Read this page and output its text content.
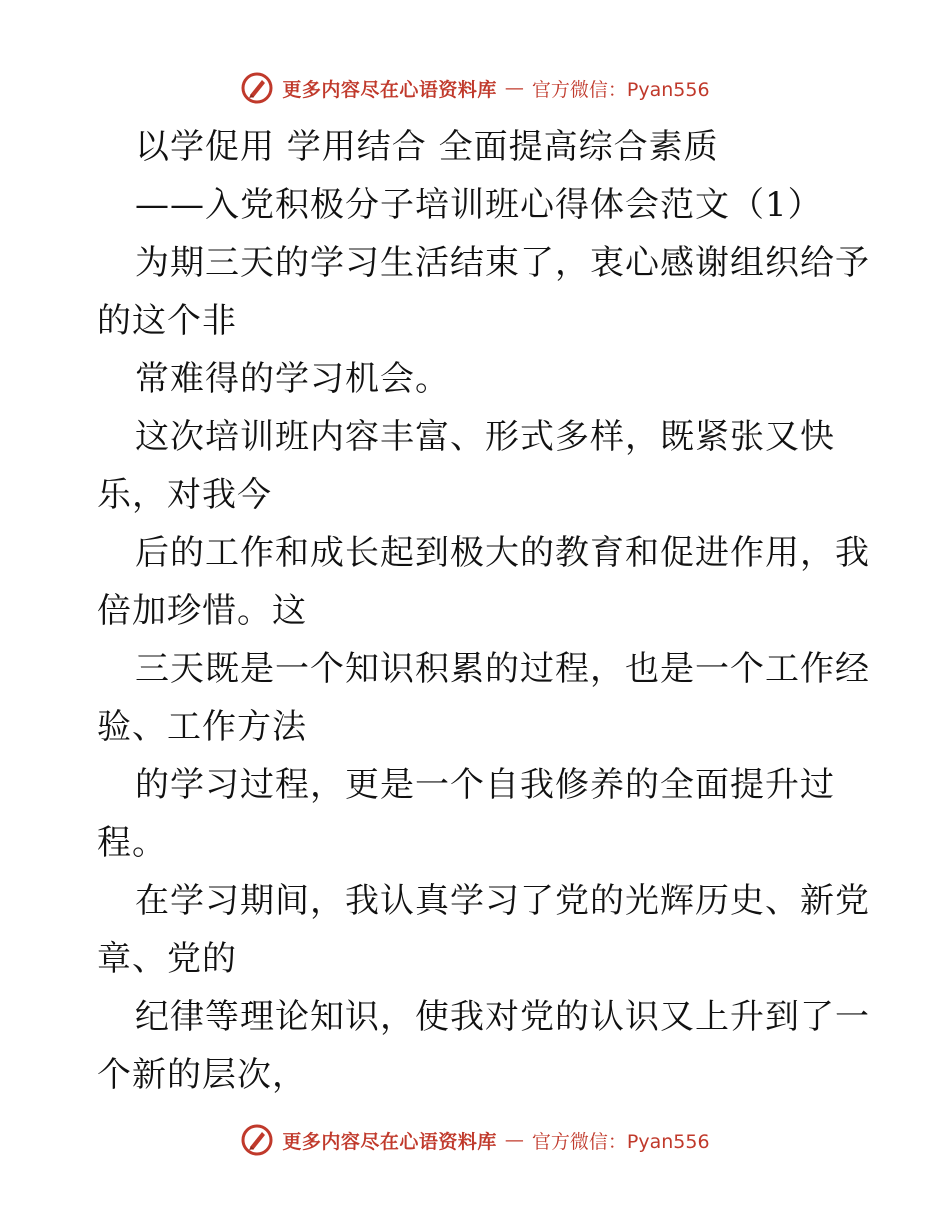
更多内容尽在心语资料库 — 官方微信：Pyan556
以学促用 学用结合 全面提高综合素质
——入党积极分子培训班心得体会范文（1）
为期三天的学习生活结束了，衷心感谢组织给予
的这个非
常难得的学习机会。
这次培训班内容丰富、形式多样，既紧张又快
乐，对我今
后的工作和成长起到极大的教育和促进作用，我
倍加珍惜。这
三天既是一个知识积累的过程，也是一个工作经
验、工作方法
的学习过程，更是一个自我修养的全面提升过
程。
在学习期间，我认真学习了党的光辉历史、新党
章、党的
纪律等理论知识，使我对党的认识又上升到了一
个新的层次，
更多内容尽在心语资料库 — 官方微信：Pyan556
